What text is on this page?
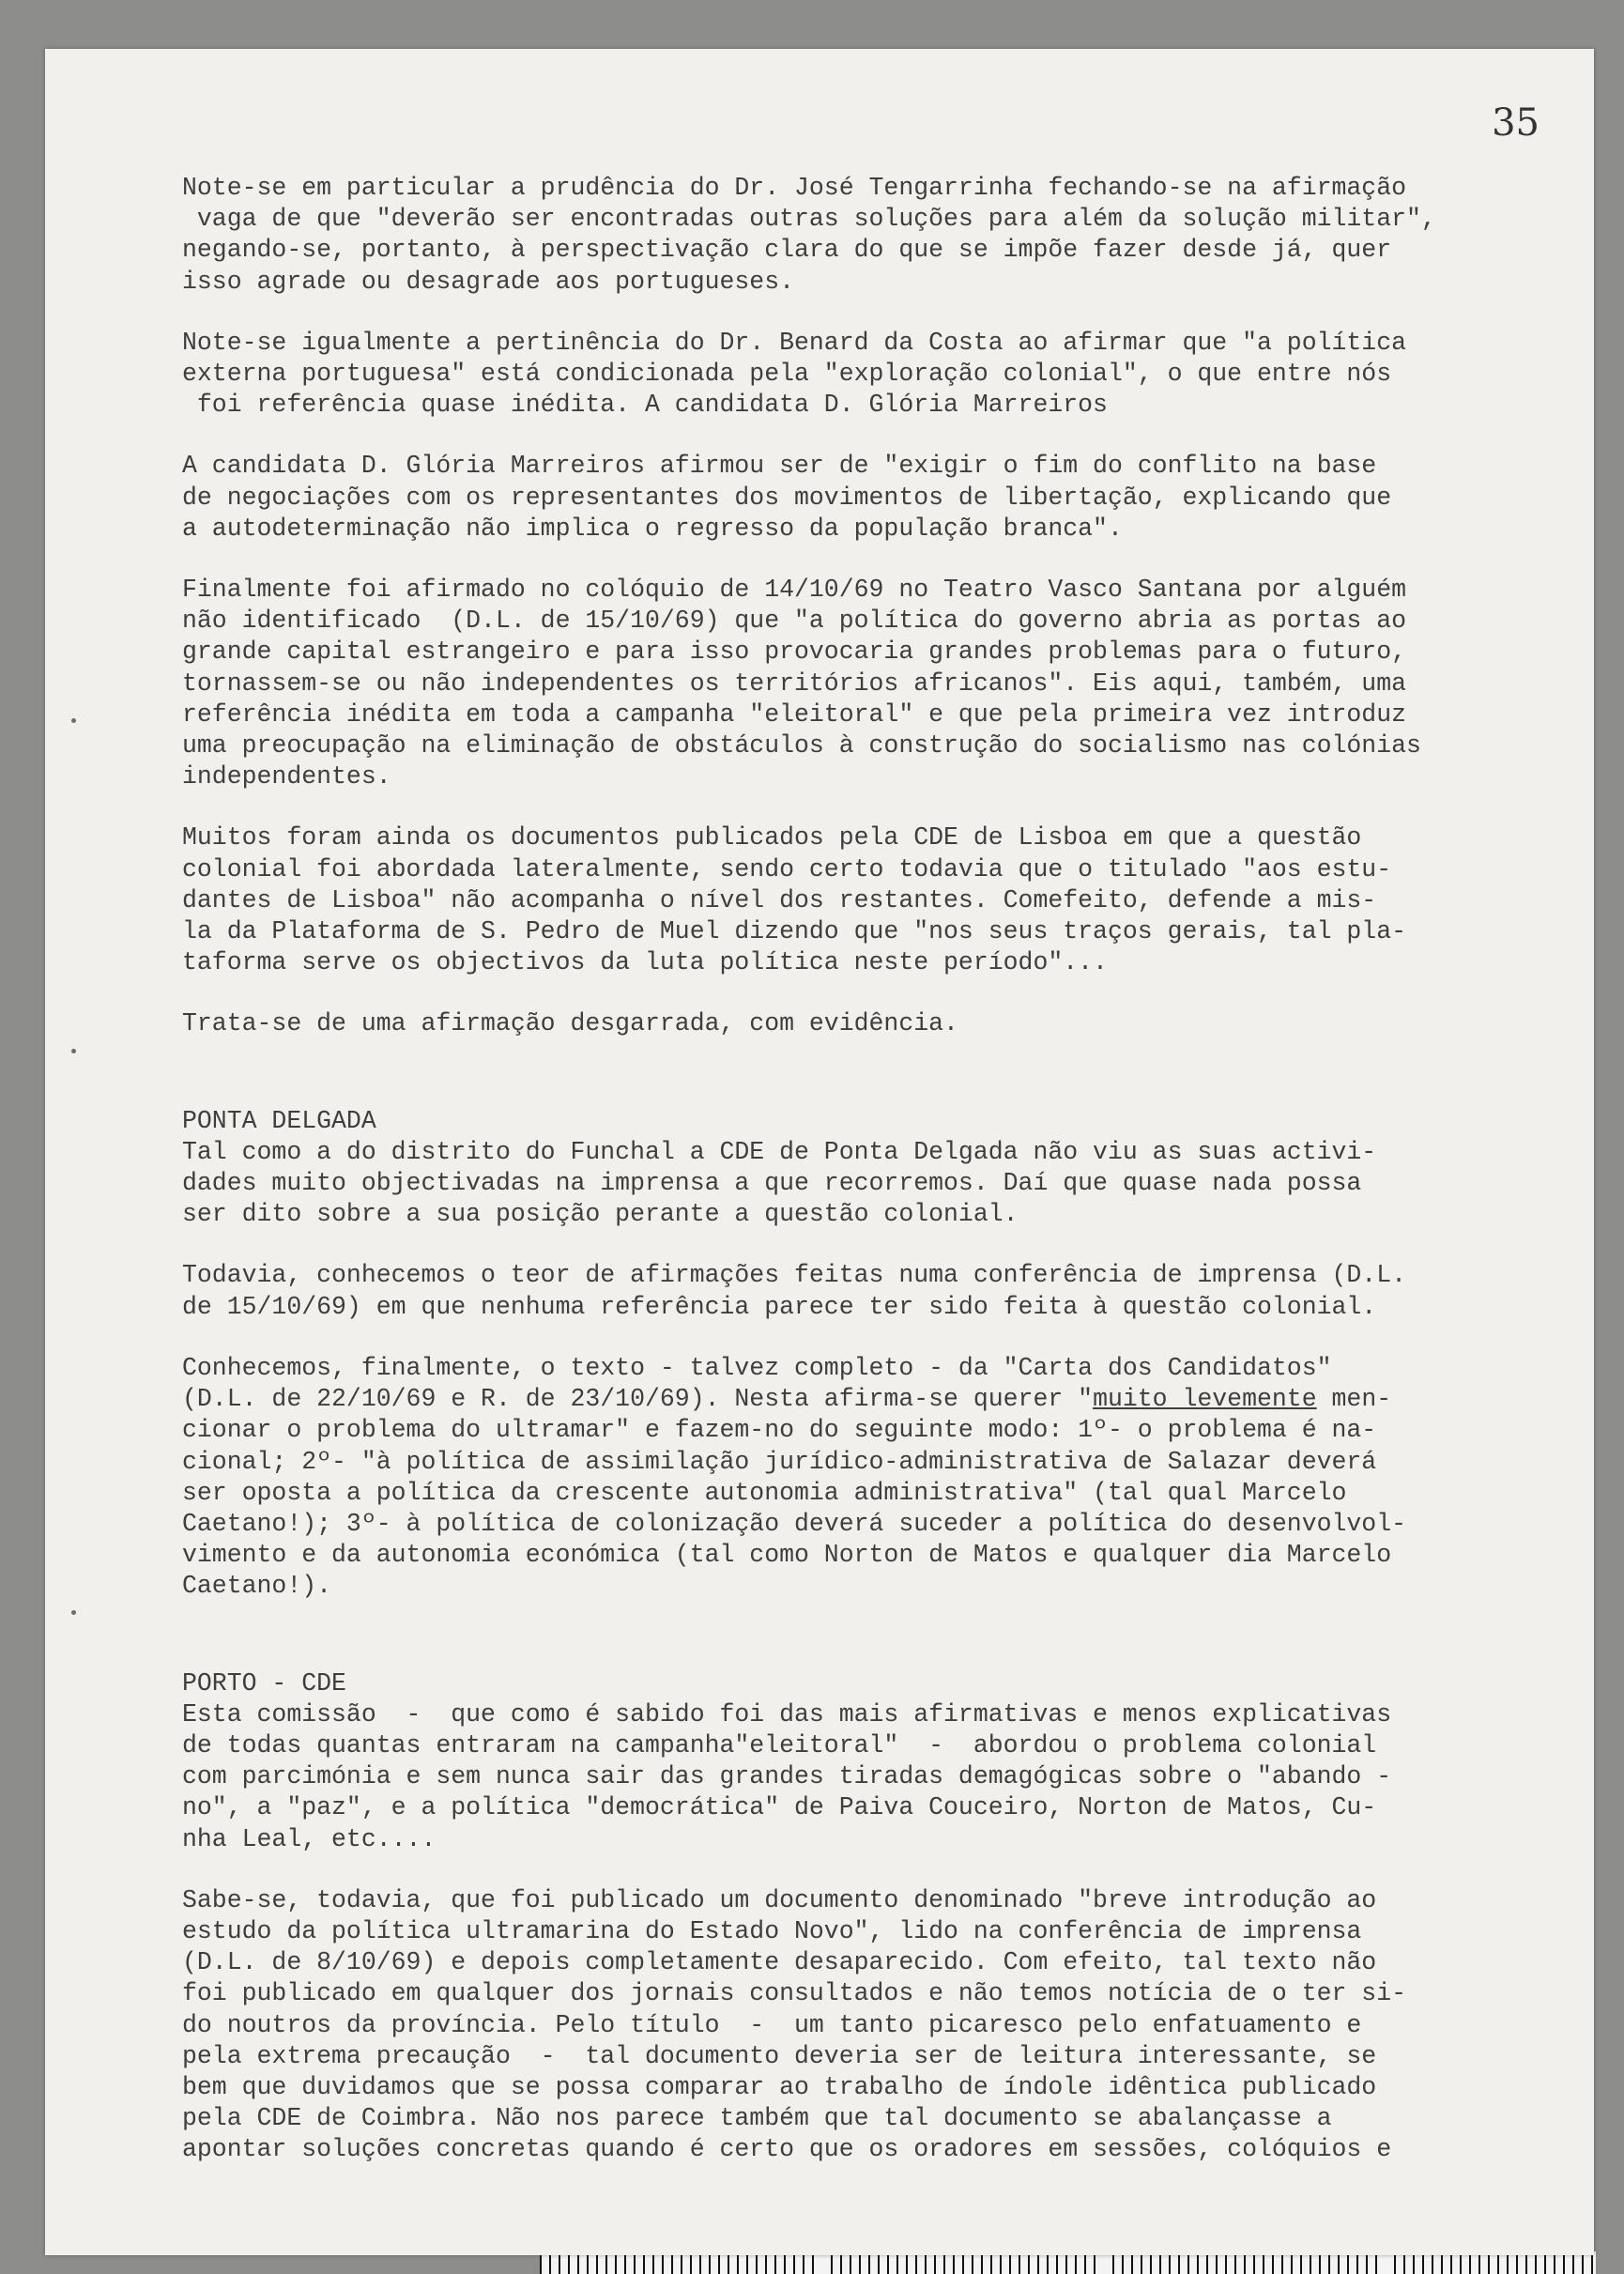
35
Note-se em particular a prudência do Dr. José Tengarrinha fechando-se na afirmação
vaga de que "deverão ser encontradas outras soluções para além da solução militar",
negando-se, portanto, à perspectivação clara do que se impõe fazer desde já, quer
isso agrade ou desagrade aos portugueses.
Note-se igualmente a pertinência do Dr. Benard da Costa ao afirmar que "a política
externa portuguesa" está condicionada pela "exploração colonial", o que entre nós
foi referência quase inédita. A candidata D. Glória Marreiros
A candidata D. Glória Marreiros afirmou ser de "exigir o fim do conflito na base
de negociações com os representantes dos movimentos de libertação, explicando que
a autodeterminação não implica o regresso da população branca".
Finalmente foi afirmado no colóquio de 14/10/69 no Teatro Vasco Santana por alguém
não identificado  (D.L. de 15/10/69) que "a política do governo abria as portas ao
grande capital estrangeiro e para isso provocaria grandes problemas para o futuro,
tornassem-se ou não independentes os territórios africanos". Eis aqui, também, uma
referência inédita em toda a campanha "eleitoral" e que pela primeira vez introduz
uma preocupação na eliminação de obstáculos à construção do socialismo nas colónias
independentes.
Muitos foram ainda os documentos publicados pela CDE de Lisboa em que a questão
colonial foi abordada lateralmente, sendo certo todavia que o titulado "aos estu-
dantes de Lisboa" não acompanha o nível dos restantes. Comefeito, defende a mis-
la da Plataforma de S. Pedro de Muel dizendo que "nos seus traços gerais, tal pla-
taforma serve os objectivos da luta política neste período"...
Trata-se de uma afirmação desgarrada, com evidência.
PONTA DELGADA
Tal como a do distrito do Funchal a CDE de Ponta Delgada não viu as suas activi-
dades muito objectivadas na imprensa a que recorremos. Daí que quase nada possa
ser dito sobre a sua posição perante a questão colonial.
Todavia, conhecemos o teor de afirmações feitas numa conferência de imprensa (D.L.
de 15/10/69) em que nenhuma referência parece ter sido feita à questão colonial.
Conhecemos, finalmente, o texto - talvez completo - da "Carta dos Candidatos"
(D.L. de 22/10/69 e R. de 23/10/69). Nesta afirma-se querer "muito levemente men-
cionar o problema do ultramar" e fazem-no do seguinte modo: 1º- o problema é na-
cional; 2º- "à política de assimilação jurídico-administrativa de Salazar deverá
ser oposta a política da crescente autonomia administrativa" (tal qual Marcelo
Caetano!); 3º- à política de colonização deverá suceder a política do desenvolvol-
vimento e da autonomia económica (tal como Norton de Matos e qualquer dia Marcelo
Caetano!).
PORTO - CDE
Esta comissão  -  que como é sabido foi das mais afirmativas e menos explicativas
de todas quantas entraram na campanha"eleitoral"  -  abordou o problema colonial
com parcimónia e sem nunca sair das grandes tiradas demagógicas sobre o "abando -
no", a "paz", e a política "democrática" de Paiva Couceiro, Norton de Matos, Cu-
nha Leal, etc....
Sabe-se, todavia, que foi publicado um documento denominado "breve introdução ao
estudo da política ultramarina do Estado Novo", lido na conferência de imprensa
(D.L. de 8/10/69) e depois completamente desaparecido. Com efeito, tal texto não
foi publicado em qualquer dos jornais consultados e não temos notícia de o ter si-
do noutros da província. Pelo título  -  um tanto picaresco pelo enfatuamento e
pela extrema precaução  -  tal documento deveria ser de leitura interessante, se
bem que duvidamos que se possa comparar ao trabalho de índole idêntica publicado
pela CDE de Coimbra. Não nos parece também que tal documento se abalançasse a
apontar soluções concretas quando é certo que os oradores em sessões, colóquios e
